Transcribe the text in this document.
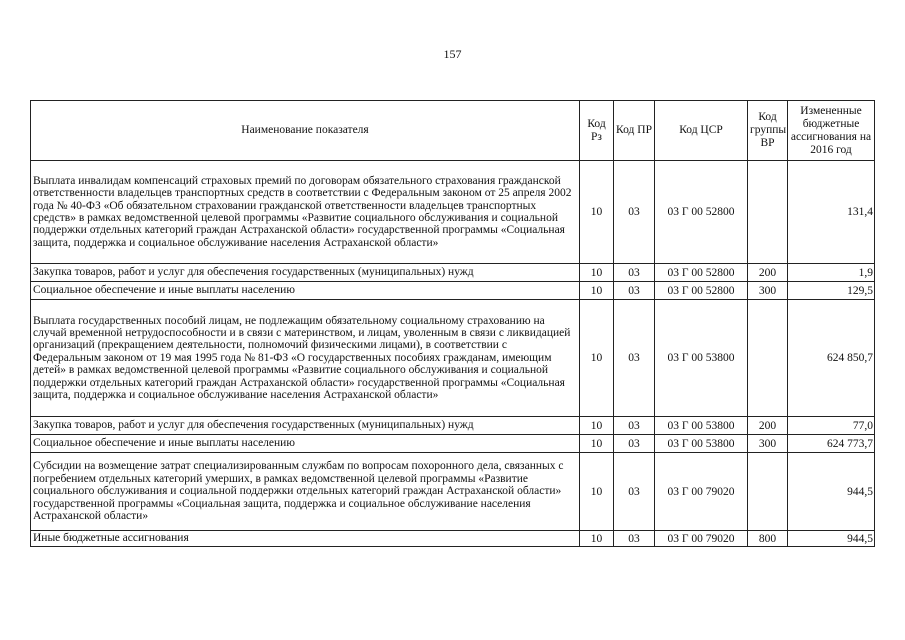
157
Наименование показателя	Код Рз	Код ПР	Код ЦСР	Код группы ВР	Измененные бюджетные ассигнования на 2016 год
Выплата инвалидам компенсаций страховых премий по договорам обязательного страхования гражданской ответственности владельцев транспортных средств в соответствии с Федеральным законом от 25 апреля 2002 года № 40-ФЗ «Об обязательном страховании гражданской ответственности владельцев транспортных средств» в рамках ведомственной целевой программы «Развитие социального обслуживания и социальной поддержки отдельных категорий граждан Астраханской области» государственной программы «Социальная защита, поддержка и социальное обслуживание населения Астраханской области»	10	03	03 Г 00 52800		131,4
Закупка товаров, работ и услуг для обеспечения государственных (муниципальных) нужд	10	03	03 Г 00 52800	200	1,9
Социальное обеспечение и иные выплаты населению	10	03	03 Г 00 52800	300	129,5
Выплата государственных пособий лицам, не подлежащим обязательному социальному страхованию на случай временной нетрудоспособности и в связи с материнством, и лицам, уволенным в связи с ликвидацией организаций (прекращением деятельности, полномочий физическими лицами), в соответствии с Федеральным законом от 19 мая 1995 года № 81-ФЗ «О государственных пособиях гражданам, имеющим детей» в рамках ведомственной целевой программы «Развитие социального обслуживания и социальной поддержки отдельных категорий граждан Астраханской области» государственной программы «Социальная защита, поддержка и социальное обслуживание населения Астраханской области»	10	03	03 Г 00 53800		624 850,7
Закупка товаров, работ и услуг для обеспечения государственных (муниципальных) нужд	10	03	03 Г 00 53800	200	77,0
Социальное обеспечение и иные выплаты населению	10	03	03 Г 00 53800	300	624 773,7
Субсидии на возмещение затрат специализированным службам по вопросам похоронного дела, связанных с погребением отдельных категорий умерших, в рамках ведомственной целевой программы «Развитие социального обслуживания и социальной поддержки отдельных категорий граждан Астраханской области» государственной программы «Социальная защита, поддержка и социальное обслуживание населения Астраханской области»	10	03	03 Г 00 79020		944,5
Иные бюджетные ассигнования	10	03	03 Г 00 79020	800	944,5
